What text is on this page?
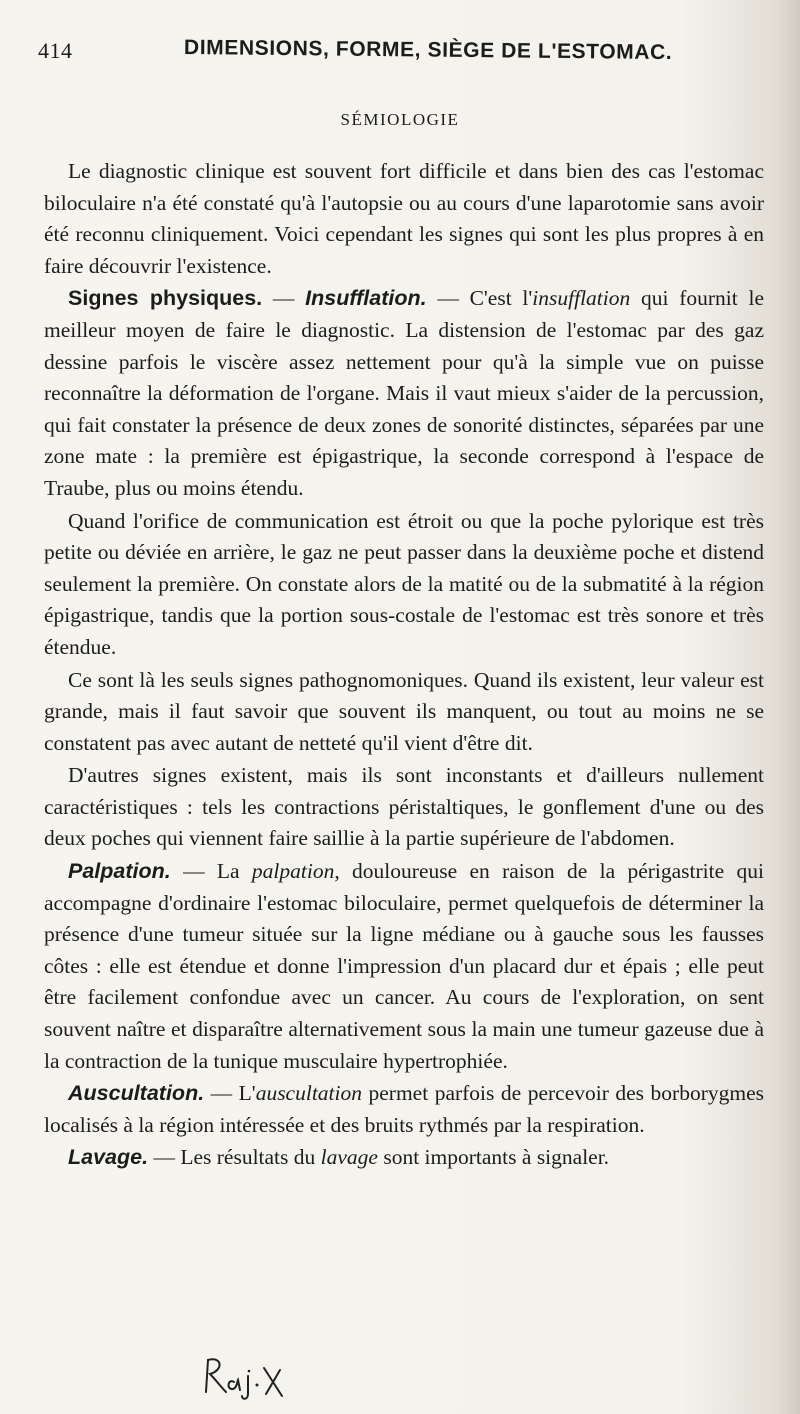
414	DIMENSIONS, FORME, SIÈGE DE L'ESTOMAC.
SÉMIOLOGIE

Le diagnostic clinique est souvent fort difficile et dans bien des cas l'estomac biloculaire n'a été constaté qu'à l'autopsie ou au cours d'une laparotomie sans avoir été reconnu cliniquement. Voici cependant les signes qui sont les plus propres à en faire découvrir l'existence.

Signes physiques. — Insufflation. — C'est l'insufflation qui fournit le meilleur moyen de faire le diagnostic. La distension de l'estomac par des gaz dessine parfois le viscère assez nettement pour qu'à la simple vue on puisse reconnaître la déformation de l'organe. Mais il vaut mieux s'aider de la percussion, qui fait constater la présence de deux zones de sonorité distinctes, séparées par une zone mate : la première est épigastrique, la seconde correspond à l'espace de Traube, plus ou moins étendu.

Quand l'orifice de communication est étroit ou que la poche pylorique est très petite ou déviée en arrière, le gaz ne peut passer dans la deuxième poche et distend seulement la première. On constate alors de la matité ou de la submatité à la région épigastrique, tandis que la portion sous-costale de l'estomac est très sonore et très étendue.

Ce sont là les seuls signes pathognomoniques. Quand ils existent, leur valeur est grande, mais il faut savoir que souvent ils manquent, ou tout au moins ne se constatent pas avec autant de netteté qu'il vient d'être dit.

D'autres signes existent, mais ils sont inconstants et d'ailleurs nullement caractéristiques : tels les contractions péristaltiques, le gonflement d'une ou des deux poches qui viennent faire saillie à la partie supérieure de l'abdomen.

Palpation. — La palpation, douloureuse en raison de la périgastrite qui accompagne d'ordinaire l'estomac biloculaire, permet quelquefois de déterminer la présence d'une tumeur située sur la ligne médiane ou à gauche sous les fausses côtes : elle est étendue et donne l'impression d'un placard dur et épais ; elle peut être facilement confondue avec un cancer. Au cours de l'exploration, on sent souvent naître et disparaître alternativement sous la main une tumeur gazeuse due à la contraction de la tunique musculaire hypertrophiée.

Auscultation. — L'auscultation permet parfois de percevoir des borborygmes localisés à la région intéressée et des bruits rythmés par la respiration.

Lavage. — Les résultats du lavage sont importants à signaler.
